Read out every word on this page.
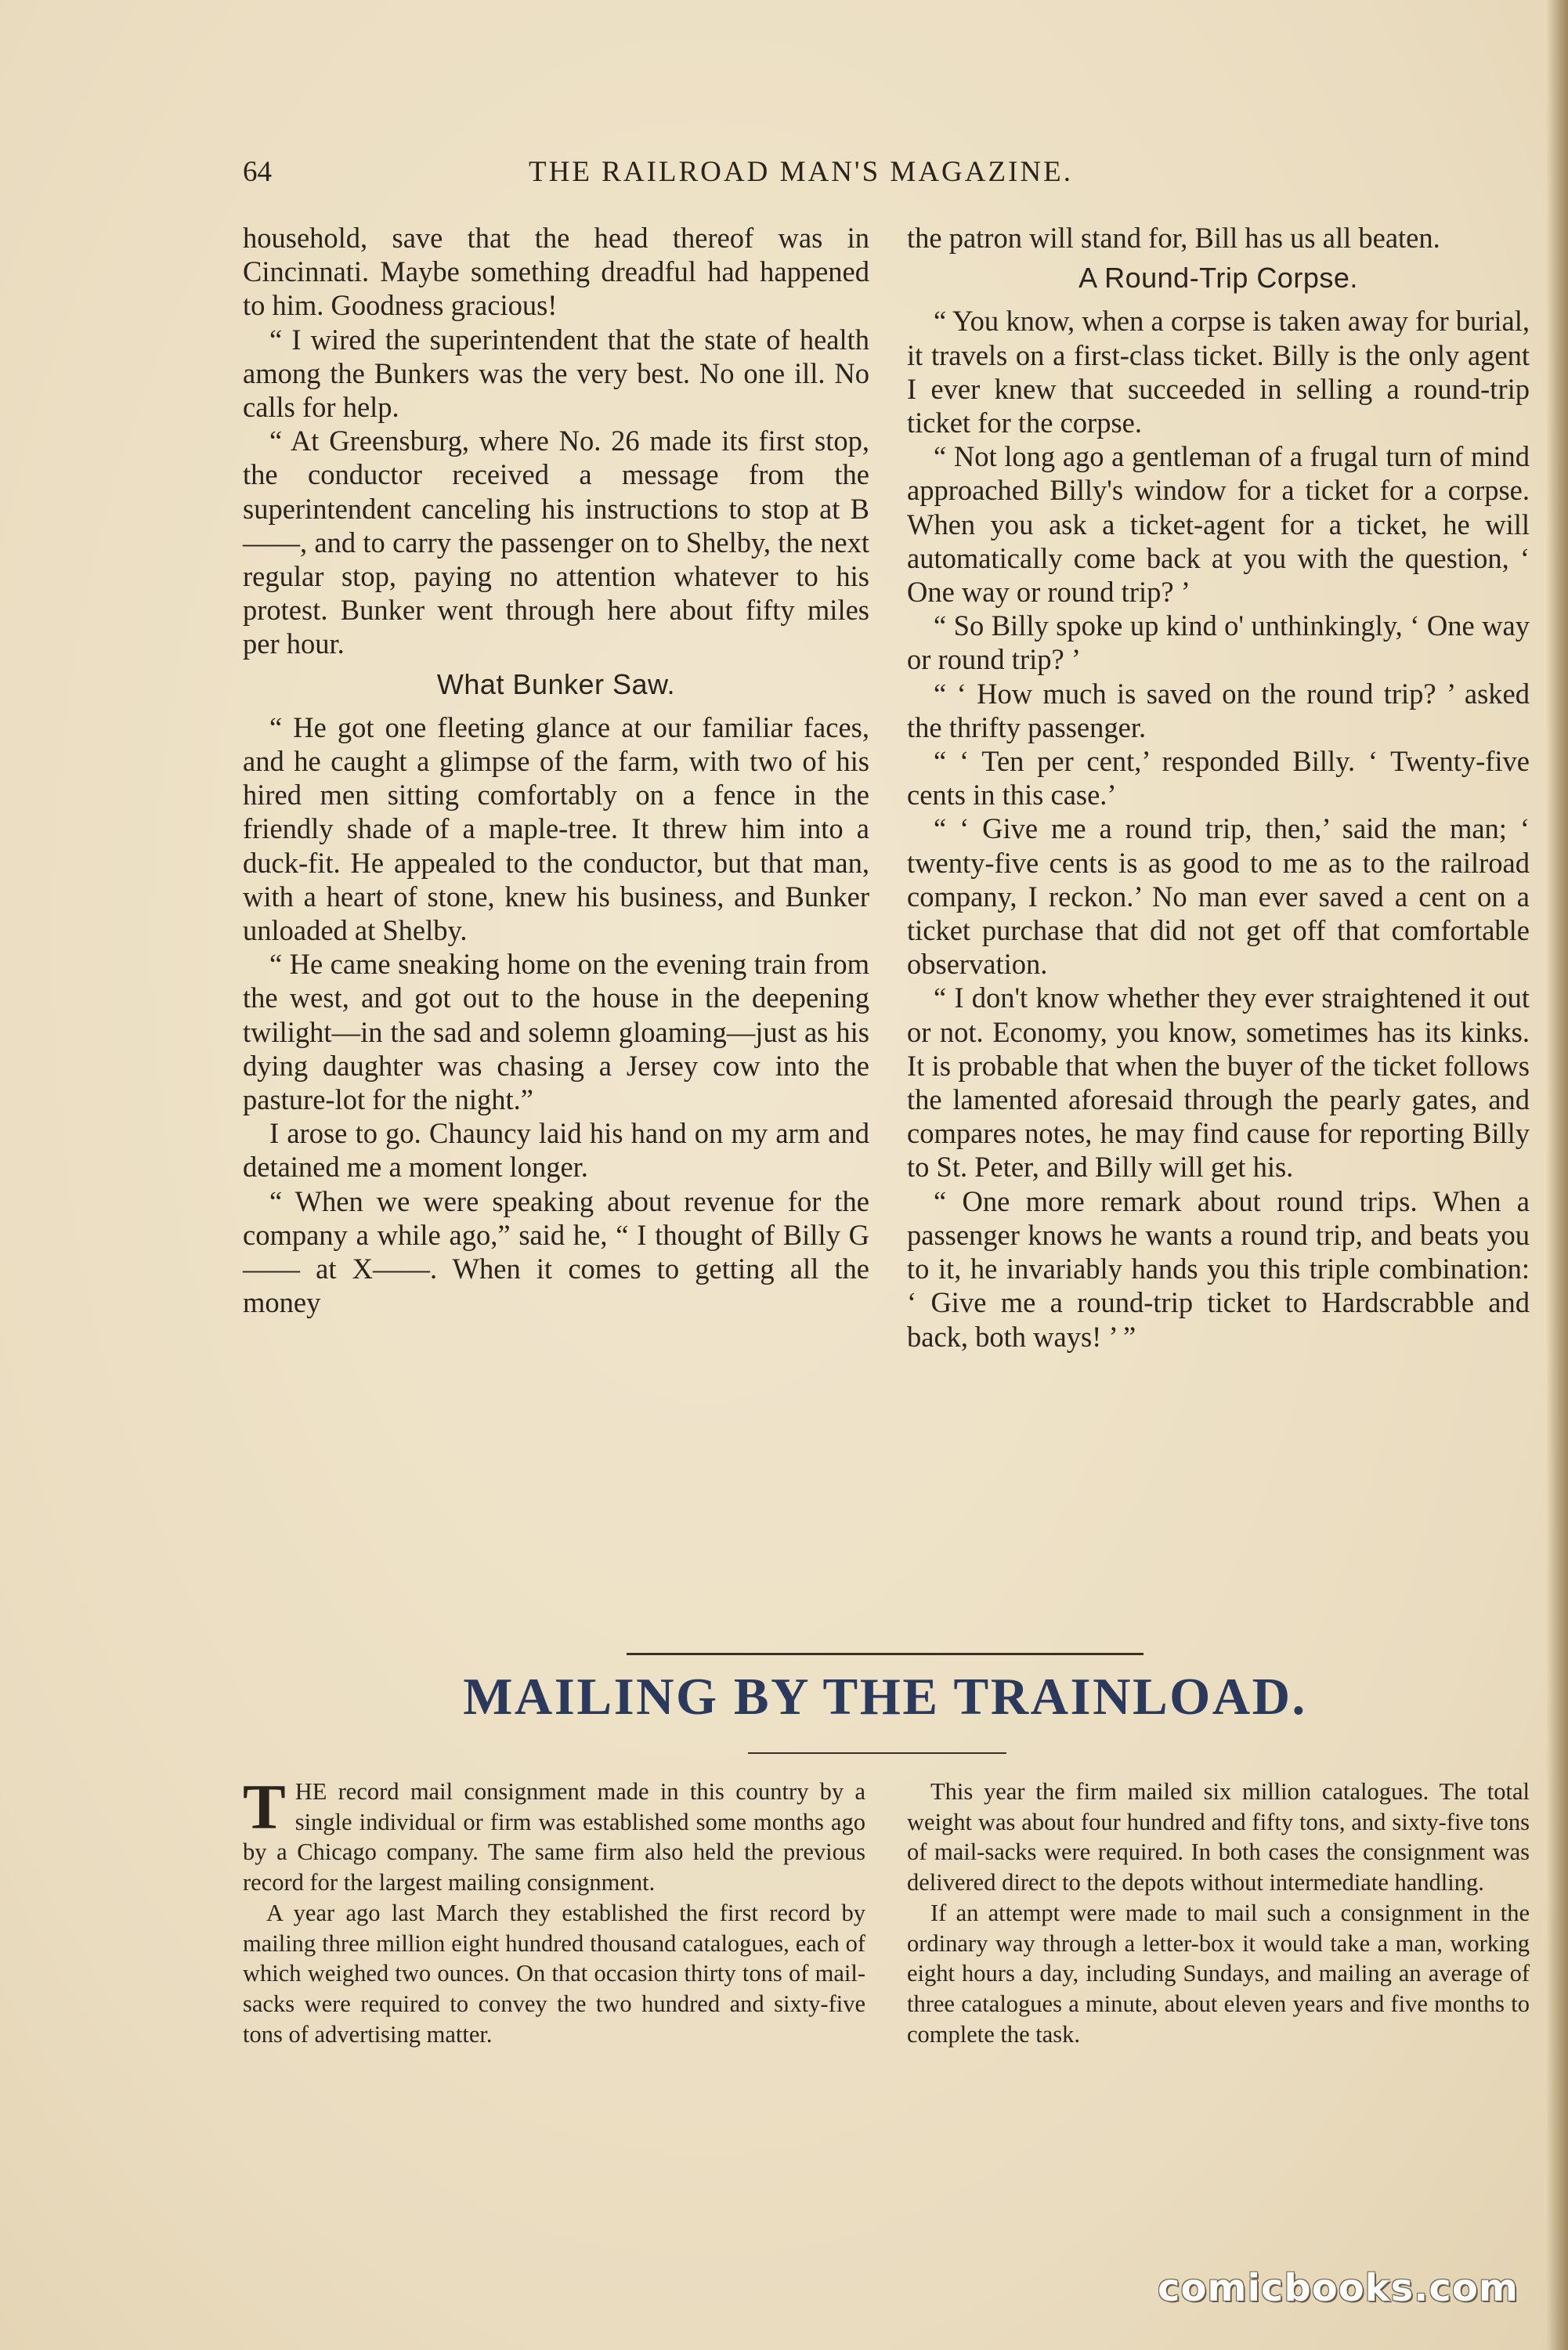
64	THE RAILROAD MAN'S MAGAZINE.

household, save that the head thereof was in Cincinnati. Maybe something dreadful had happened to him. Goodness gracious!

“ I wired the superintendent that the state of health among the Bunkers was the very best. No one ill. No calls for help.

“ At Greensburg, where No. 26 made its first stop, the conductor received a message from the superintendent canceling his instructions to stop at B——, and to carry the passenger on to Shelby, the next regular stop, paying no attention whatever to his protest. Bunker went through here about fifty miles per hour.

What Bunker Saw.

“ He got one fleeting glance at our familiar faces, and he caught a glimpse of the farm, with two of his hired men sitting comfortably on a fence in the friendly shade of a maple-tree. It threw him into a duck-fit. He appealed to the conductor, but that man, with a heart of stone, knew his business, and Bunker unloaded at Shelby.

“ He came sneaking home on the evening train from the west, and got out to the house in the deepening twilight—in the sad and solemn gloaming—just as his dying daughter was chasing a Jersey cow into the pasture-lot for the night.”

I arose to go. Chauncy laid his hand on my arm and detained me a moment longer.

“ When we were speaking about revenue for the company a while ago,” said he, “ I thought of Billy G—— at X——. When it comes to getting all the money

the patron will stand for, Bill has us all beaten.

A Round-Trip Corpse.

“ You know, when a corpse is taken away for burial, it travels on a first-class ticket. Billy is the only agent I ever knew that succeeded in selling a round-trip ticket for the corpse.

“ Not long ago a gentleman of a frugal turn of mind approached Billy's window for a ticket for a corpse. When you ask a ticket-agent for a ticket, he will automatically come back at you with the question, ‘ One way or round trip? ’

“ So Billy spoke up kind o' unthinkingly, ‘ One way or round trip? ’

“ ‘ How much is saved on the round trip? ’ asked the thrifty passenger.

“ ‘ Ten per cent,’ responded Billy. ‘ Twenty-five cents in this case.’

“ ‘ Give me a round trip, then,’ said the man; ‘ twenty-five cents is as good to me as to the railroad company, I reckon.’ No man ever saved a cent on a ticket purchase that did not get off that comfortable observation.

“ I don't know whether they ever straightened it out or not. Economy, you know, sometimes has its kinks. It is probable that when the buyer of the ticket follows the lamented aforesaid through the pearly gates, and compares notes, he may find cause for reporting Billy to St. Peter, and Billy will get his.

“ One more remark about round trips. When a passenger knows he wants a round trip, and beats you to it, he invariably hands you this triple combination: ‘ Give me a round-trip ticket to Hardscrabble and back, both ways! ’ ”

MAILING BY THE TRAINLOAD.

THE record mail consignment made in this country by a single individual or firm was established some months ago by a Chicago company. The same firm also held the previous record for the largest mailing consignment.

A year ago last March they established the first record by mailing three million eight hundred thousand catalogues, each of which weighed two ounces. On that occasion thirty tons of mail-sacks were required to convey the two hundred and sixty-five tons of advertising matter.

This year the firm mailed six million catalogues. The total weight was about four hundred and fifty tons, and sixty-five tons of mail-sacks were required. In both cases the consignment was delivered direct to the depots without intermediate handling.

If an attempt were made to mail such a consignment in the ordinary way through a letter-box it would take a man, working eight hours a day, including Sundays, and mailing an average of three catalogues a minute, about eleven years and five months to complete the task.

comicbooks.com
